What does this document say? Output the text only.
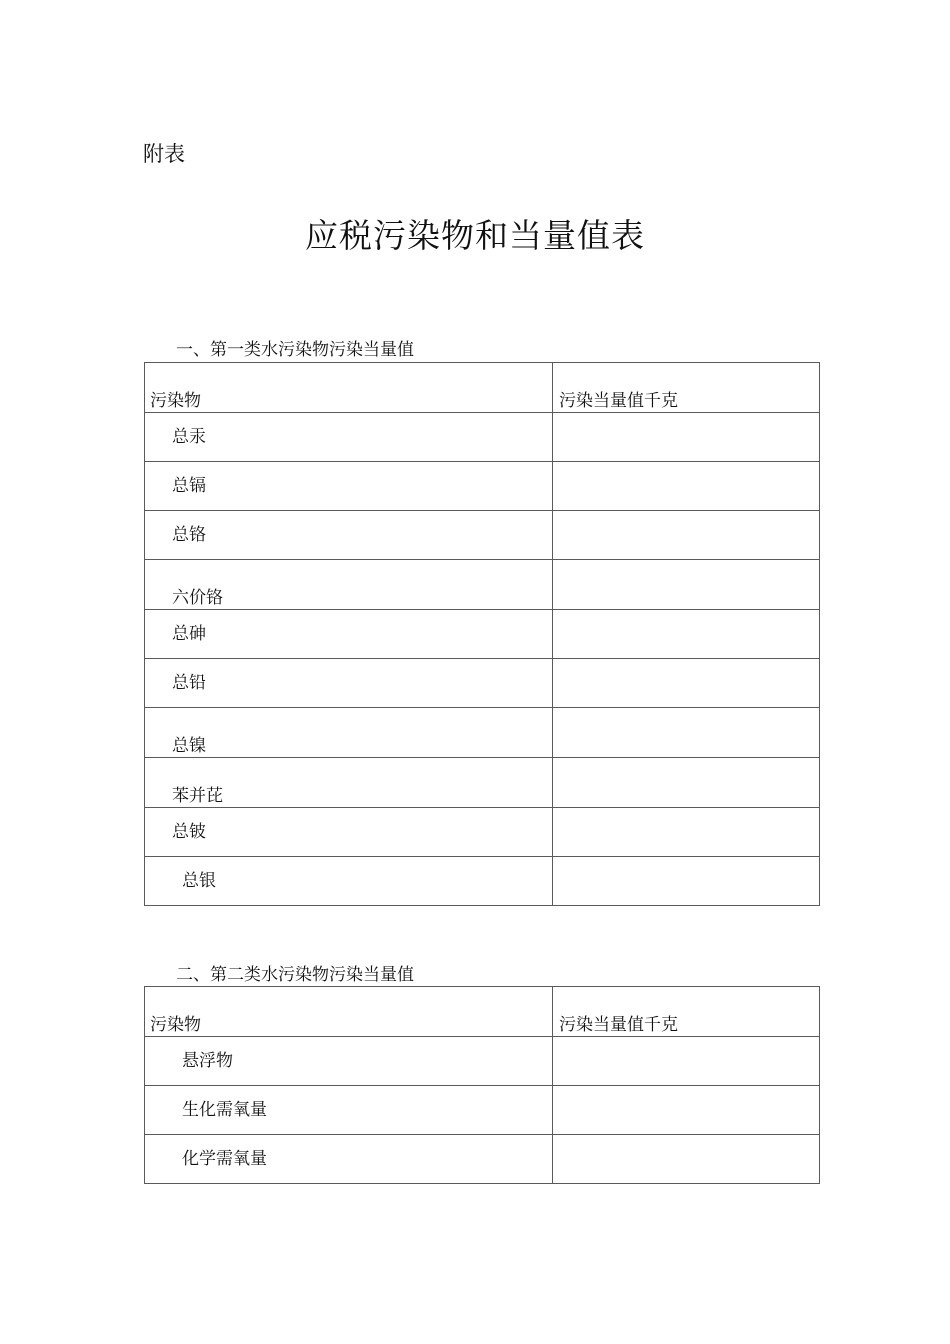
附表
应税污染物和当量值表
一、第一类水污染物污染当量值
污染物	污染当量值千克
总汞	
总镉	
总铬	
六价铬	
总砷	
总铅	
总镍	
苯并芘	
总铍	
总银	
二、第二类水污染物污染当量值
污染物	污染当量值千克
悬浮物	
生化需氧量	
化学需氧量	
